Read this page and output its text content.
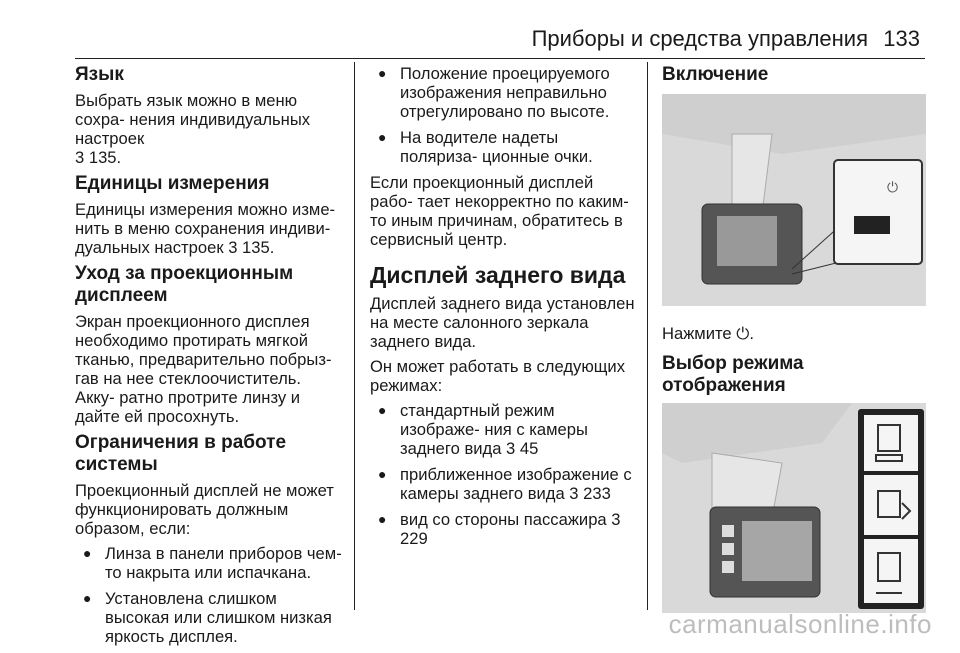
Приборы и средства управления 133
Язык

Выбрать язык можно в меню сохра- нения индивидуальных настроек

3 135.

Единицы измерения

Единицы измерения можно изме- нить в меню сохранения индиви- дуальных настроек 3 135.

Уход за проекционным дисплеем

Экран проекционного дисплея необходимо протирать мягкой тканью, предварительно побрыз- гав на нее стеклоочиститель. Акку- ратно протрите линзу и дайте ей просохнуть.

Ограничения в работе системы

Проекционный дисплей не может функционировать должным образом, если:

● Линза в панели приборов чем- то накрыта или испачкана.
● Установлена слишком высокая или слишком низкая яркость дисплея.
● Положение проецируемого изображения неправильно отрегулировано по высоте.
● На водителе надеты поляриза- ционные очки.

Если проекционный дисплей рабо- тает некорректно по каким-то иным причинам, обратитесь в сервисный центр.

Дисплей заднего вида

Дисплей заднего вида установлен на месте салонного зеркала заднего вида.

Он может работать в следующих режимах:

● стандартный режим изображе- ния с камеры заднего вида 3 45
● приближенное изображение с камеры заднего вида 3 233
● вид со стороны пассажира 3 229
Включение
⏻

Нажмите ⏻.

Выбор режима отображения
carmanualsonline.info
